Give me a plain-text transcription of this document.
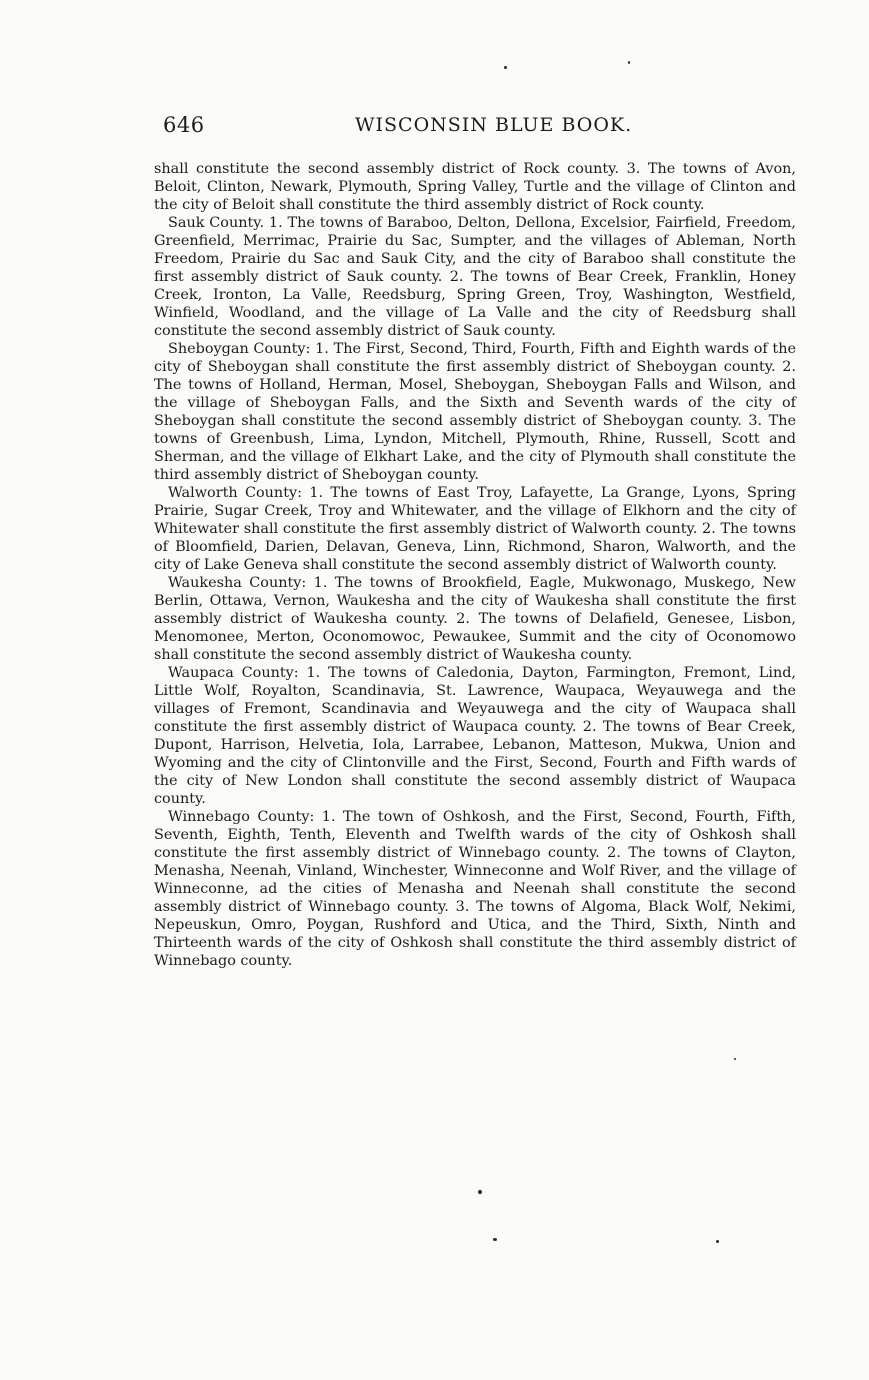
646	WISCONSIN BLUE BOOK.

shall constitute the second assembly district of Rock county. 3. The towns of Avon, Beloit, Clinton, Newark, Plymouth, Spring Valley, Turtle and the village of Clinton and the city of Beloit shall constitute the third assembly district of Rock county.

Sauk County. 1. The towns of Baraboo, Delton, Dellona, Excelsior, Fairfield, Freedom, Greenfield, Merrimac, Prairie du Sac, Sumpter, and the villages of Ableman, North Freedom, Prairie du Sac and Sauk City, and the city of Baraboo shall constitute the first assembly district of Sauk county. 2. The towns of Bear Creek, Franklin, Honey Creek, Ironton, La Valle, Reedsburg, Spring Green, Troy, Washington, Westfield, Winfield, Woodland, and the village of La Valle and the city of Reedsburg shall constitute the second assembly district of Sauk county.

Sheboygan County: 1. The First, Second, Third, Fourth, Fifth and Eighth wards of the city of Sheboygan shall constitute the first assembly district of Sheboygan county. 2. The towns of Holland, Herman, Mosel, Sheboygan, Sheboygan Falls and Wilson, and the village of Sheboygan Falls, and the Sixth and Seventh wards of the city of Sheboygan shall constitute the second assembly district of Sheboygan county. 3. The towns of Greenbush, Lima, Lyndon, Mitchell, Plymouth, Rhine, Russell, Scott and Sherman, and the village of Elkhart Lake, and the city of Plymouth shall constitute the third assembly district of Sheboygan county.

Walworth County: 1. The towns of East Troy, Lafayette, La Grange, Lyons, Spring Prairie, Sugar Creek, Troy and Whitewater, and the village of Elkhorn and the city of Whitewater shall constitute the first assembly district of Walworth county. 2. The towns of Bloomfield, Darien, Delavan, Geneva, Linn, Richmond, Sharon, Walworth, and the city of Lake Geneva shall constitute the second assembly district of Walworth county.

Waukesha County: 1. The towns of Brookfield, Eagle, Mukwonago, Muskego, New Berlin, Ottawa, Vernon, Waukesha and the city of Waukesha shall constitute the first assembly district of Waukesha county. 2. The towns of Delafield, Genesee, Lisbon, Menomonee, Merton, Oconomowoc, Pewaukee, Summit and the city of Oconomowo shall constitute the second assembly district of Waukesha county.

Waupaca County: 1. The towns of Caledonia, Dayton, Farmington, Fremont, Lind, Little Wolf, Royalton, Scandinavia, St. Lawrence, Waupaca, Weyauwega and the villages of Fremont, Scandinavia and Weyauwega and the city of Waupaca shall constitute the first assembly district of Waupaca county. 2. The towns of Bear Creek, Dupont, Harrison, Helvetia, Iola, Larrabee, Lebanon, Matteson, Mukwa, Union and Wyoming and the city of Clintonville and the First, Second, Fourth and Fifth wards of the city of New London shall constitute the second assembly district of Waupaca county.

Winnebago County: 1. The town of Oshkosh, and the First, Second, Fourth, Fifth, Seventh, Eighth, Tenth, Eleventh and Twelfth wards of the city of Oshkosh shall constitute the first assembly district of Winnebago county. 2. The towns of Clayton, Menasha, Neenah, Vinland, Winchester, Winneconne and Wolf River, and the village of Winneconne, ad the cities of Menasha and Neenah shall constitute the second assembly district of Winnebago county. 3. The towns of Algoma, Black Wolf, Nekimi, Nepeuskun, Omro, Poygan, Rushford and Utica, and the Third, Sixth, Ninth and Thirteenth wards of the city of Oshkosh shall constitute the third assembly district of Winnebago county.
